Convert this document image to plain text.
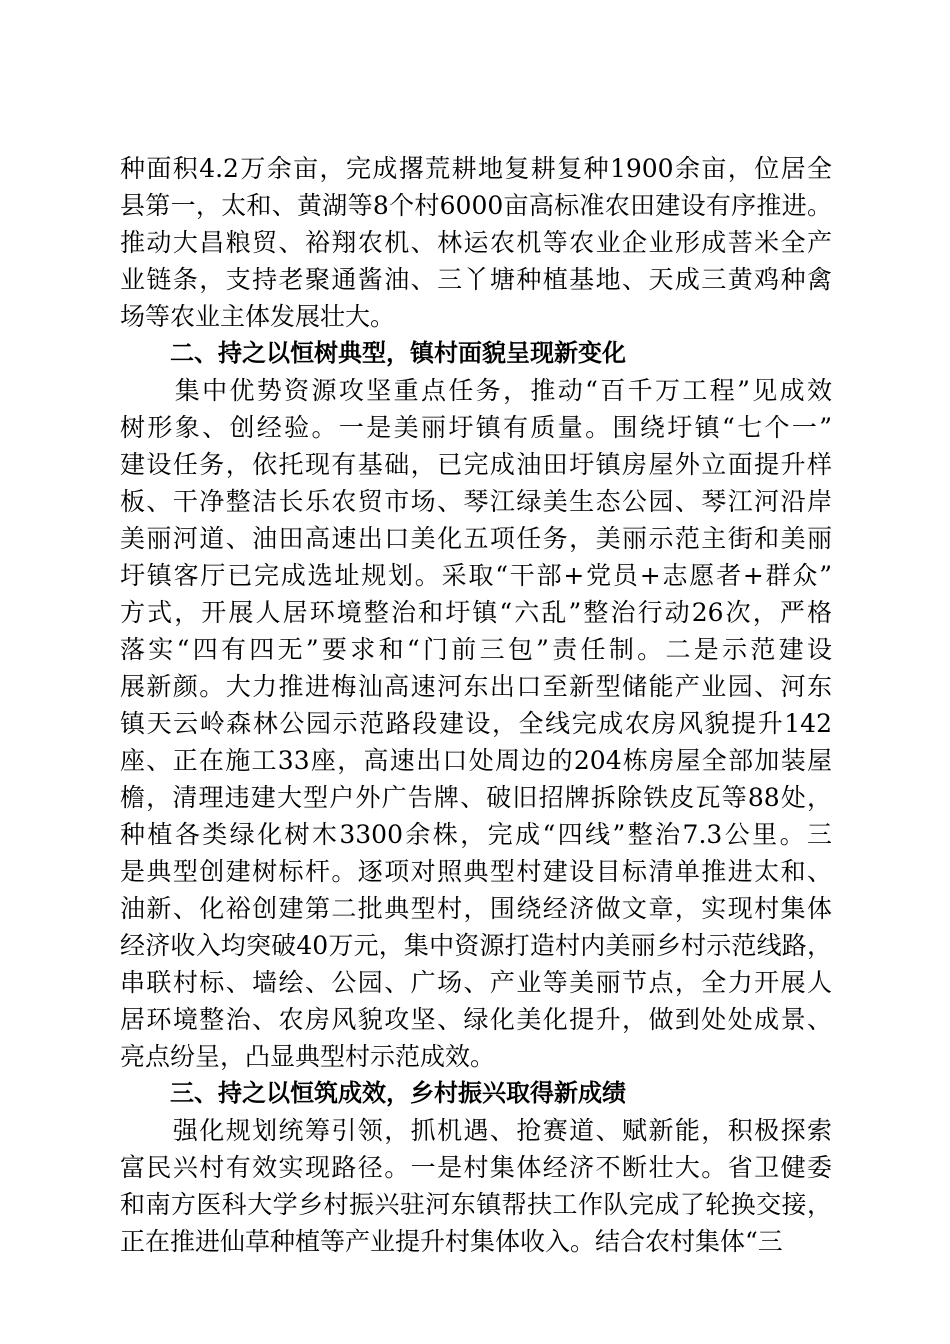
种面积4.2万余亩，完成撂荒耕地复耕复种1900余亩，位居全
县第一，太和、黄湖等8个村6000亩高标准农田建设有序推进。
推动大昌粮贸、裕翔农机、林运农机等农业企业形成菩米全产
业链条，支持老聚通酱油、三丫塘种植基地、天成三黄鸡种禽
场等农业主体发展壮大。
二、持之以恒树典型，镇村面貌呈现新变化
　　集中优势资源攻坚重点任务，推动“百千万工程”见成效
树形象、创经验。一是美丽圩镇有质量。围绕圩镇“七个一”
建设任务，依托现有基础，已完成油田圩镇房屋外立面提升样
板、干净整洁长乐农贸市场、琴江绿美生态公园、琴江河沿岸
美丽河道、油田高速出口美化五项任务，美丽示范主街和美丽
圩镇客厅已完成选址规划。采取“干部+党员+志愿者+群众”
方式，开展人居环境整治和圩镇“六乱”整治行动26次，严格
落实“四有四无”要求和“门前三包”责任制。二是示范建设
展新颜。大力推进梅汕高速河东出口至新型储能产业园、河东
镇天云岭森林公园示范路段建设，全线完成农房风貌提升142
座、正在施工33座，高速出口处周边的204栋房屋全部加装屋
檐，清理违建大型户外广告牌、破旧招牌拆除铁皮瓦等88处，
种植各类绿化树木3300余株，完成“四线”整治7.3公里。三
是典型创建树标杆。逐项对照典型村建设目标清单推进太和、
油新、化裕创建第二批典型村，围绕经济做文章，实现村集体
经济收入均突破40万元，集中资源打造村内美丽乡村示范线路，
串联村标、墙绘、公园、广场、产业等美丽节点，全力开展人
居环境整治、农房风貌攻坚、绿化美化提升，做到处处成景、
亮点纷呈，凸显典型村示范成效。
三、持之以恒筑成效，乡村振兴取得新成绩
　　强化规划统筹引领，抓机遇、抢赛道、赋新能，积极探索
富民兴村有效实现路径。一是村集体经济不断壮大。省卫健委
和南方医科大学乡村振兴驻河东镇帮扶工作队完成了轮换交接，
正在推进仙草种植等产业提升村集体收入。结合农村集体“三
